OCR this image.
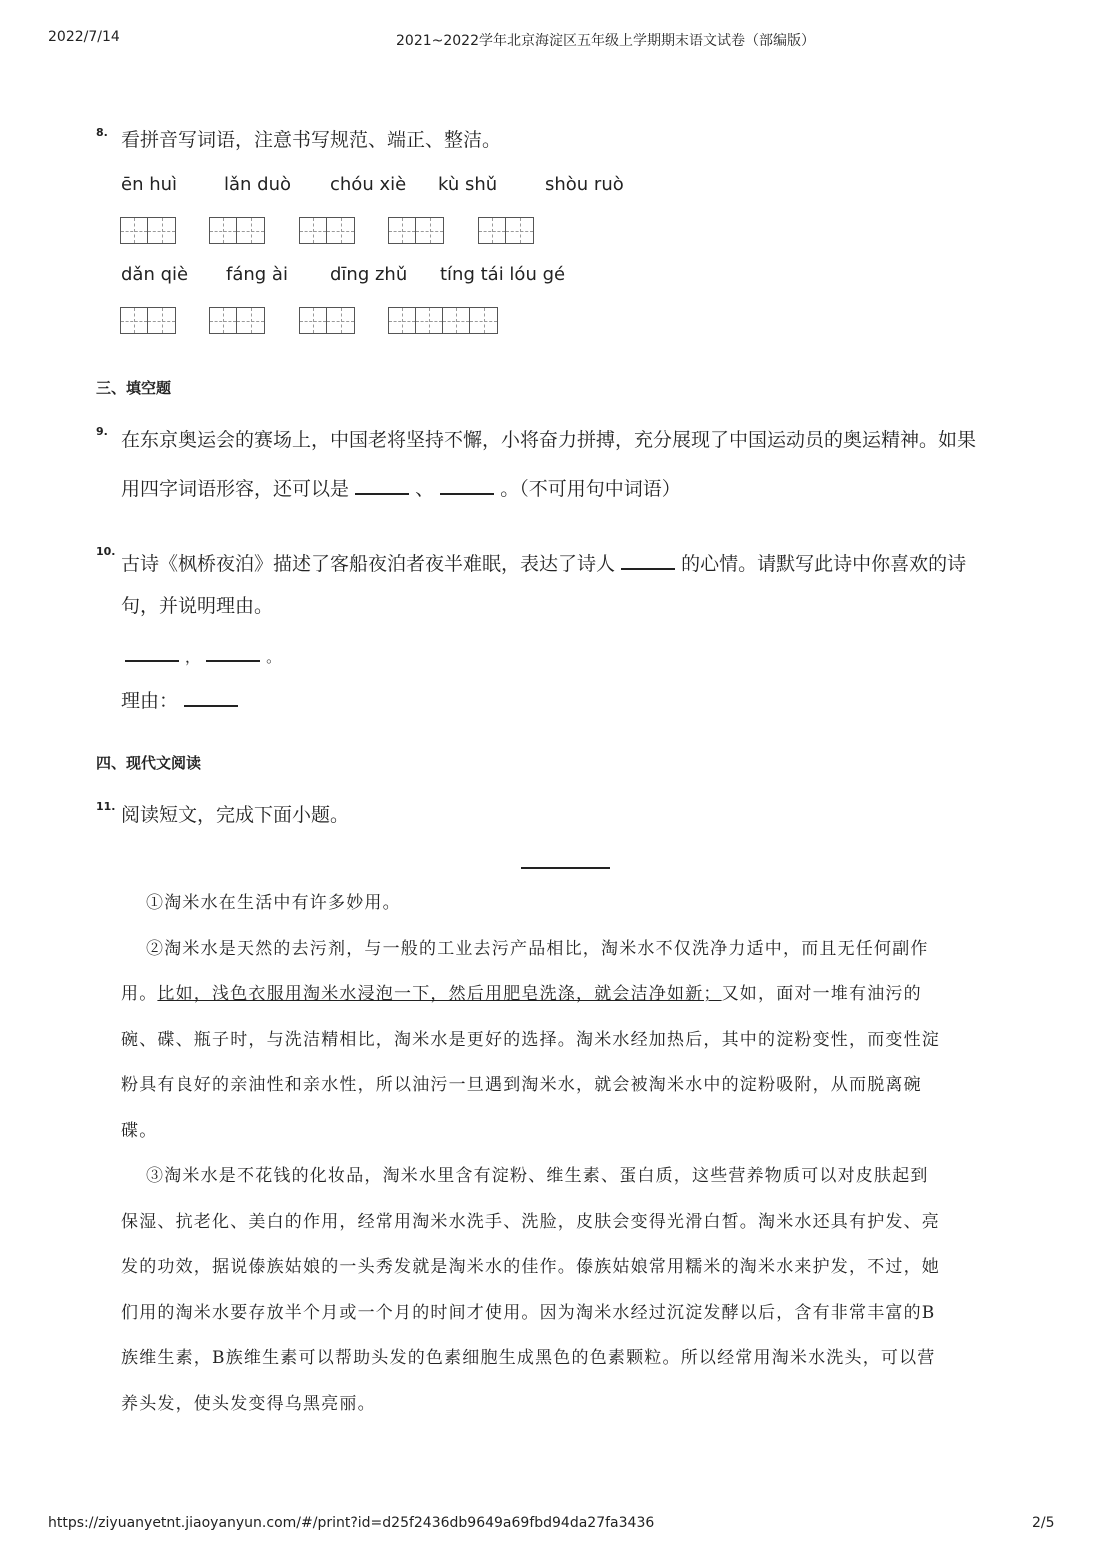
2022/7/14	2021~2022学年北京海淀区五年级上学期期末语文试卷（部编版）
8. 看拼音写词语，注意书写规范、端正、整洁。
ēn huì	lǎn duò chóu xiè kù shǔ	shòu ruò
dǎn qiè fáng ài dīng zhǔ tíng tái lóu gé
三、填空题
9. 在东京奥运会的赛场上，中国老将坚持不懈，小将奋力拼搏，充分展现了中国运动员的奥运精神。如果
用四字词语形容，还可以是	、	。（不可用句中词语）
10.
古诗《枫桥夜泊》描述了客船夜泊者夜半难眠，表达了诗人	的心情。请默写此诗中你喜欢的诗
句，并说明理由。
，	。
理由：
四、现代文阅读
11. 阅读短文，完成下面小题。
①淘米水在生活中有许多妙用。
②淘米水是天然的去污剂，与一般的工业去污产品相比，淘米水不仅洗净力适中，而且无任何副作
用。比如，浅色衣服用淘米水浸泡一下，然后用肥皂洗涤，就会洁净如新；又如，面对一堆有油污的
碗、碟、瓶子时，与洗洁精相比，淘米水是更好的选择。淘米水经加热后，其中的淀粉变性，而变性淀
粉具有良好的亲油性和亲水性，所以油污一旦遇到淘米水，就会被淘米水中的淀粉吸附，从而脱离碗
碟。
③淘米水是不花钱的化妆品，淘米水里含有淀粉、维生素、蛋白质，这些营养物质可以对皮肤起到
保湿、抗老化、美白的作用，经常用淘米水洗手、洗脸，皮肤会变得光滑白皙。淘米水还具有护发、亮
发的功效，据说傣族姑娘的一头秀发就是淘米水的佳作。傣族姑娘常用糯米的淘米水来护发，不过，她
们用的淘米水要存放半个月或一个月的时间才使用。因为淘米水经过沉淀发酵以后，含有非常丰富的B
族维生素，B族维生素可以帮助头发的色素细胞生成黑色的色素颗粒。所以经常用淘米水洗头，可以营
养头发，使头发变得乌黑亮丽。
https://ziyuanyetnt.jiaoyanyun.com/#/print?id=d25f2436db9649a69fbd94da27fa3436	2/5
